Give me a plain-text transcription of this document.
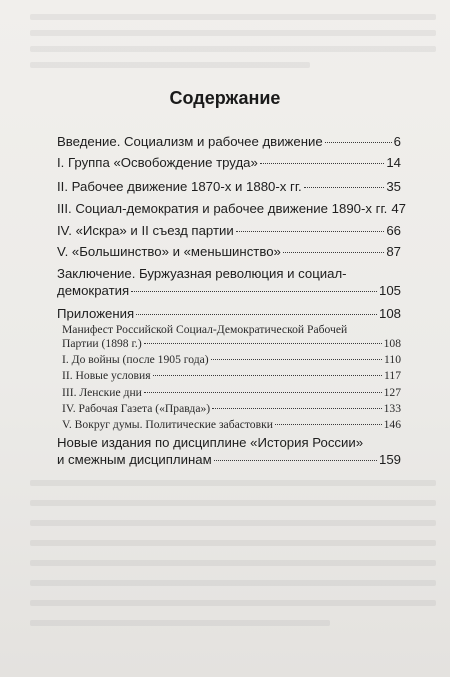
Содержание
Введение. Социализм и рабочее движение	6
I. Группа «Освобождение труда»	14
II. Рабочее движение 1870-х и 1880-х гг.	35
III. Социал-демократия и рабочее движение 1890-х гг. 47
IV. «Искра» и II съезд партии	66
V. «Большинство» и «меньшинство»	87
Заключение. Буржуазная революция и социал-
демократия	105
Приложения	108
Манифест Российской Социал-Демократической Рабочей
Партии (1898 г.)	108
I. До войны (после 1905 года)	110
II. Новые условия	117
III. Ленские дни	127
IV. Рабочая Газета («Правда»)	133
V. Вокруг думы. Политические забастовки	146
Новые издания по дисциплине «История России»
и смежным дисциплинам	159
